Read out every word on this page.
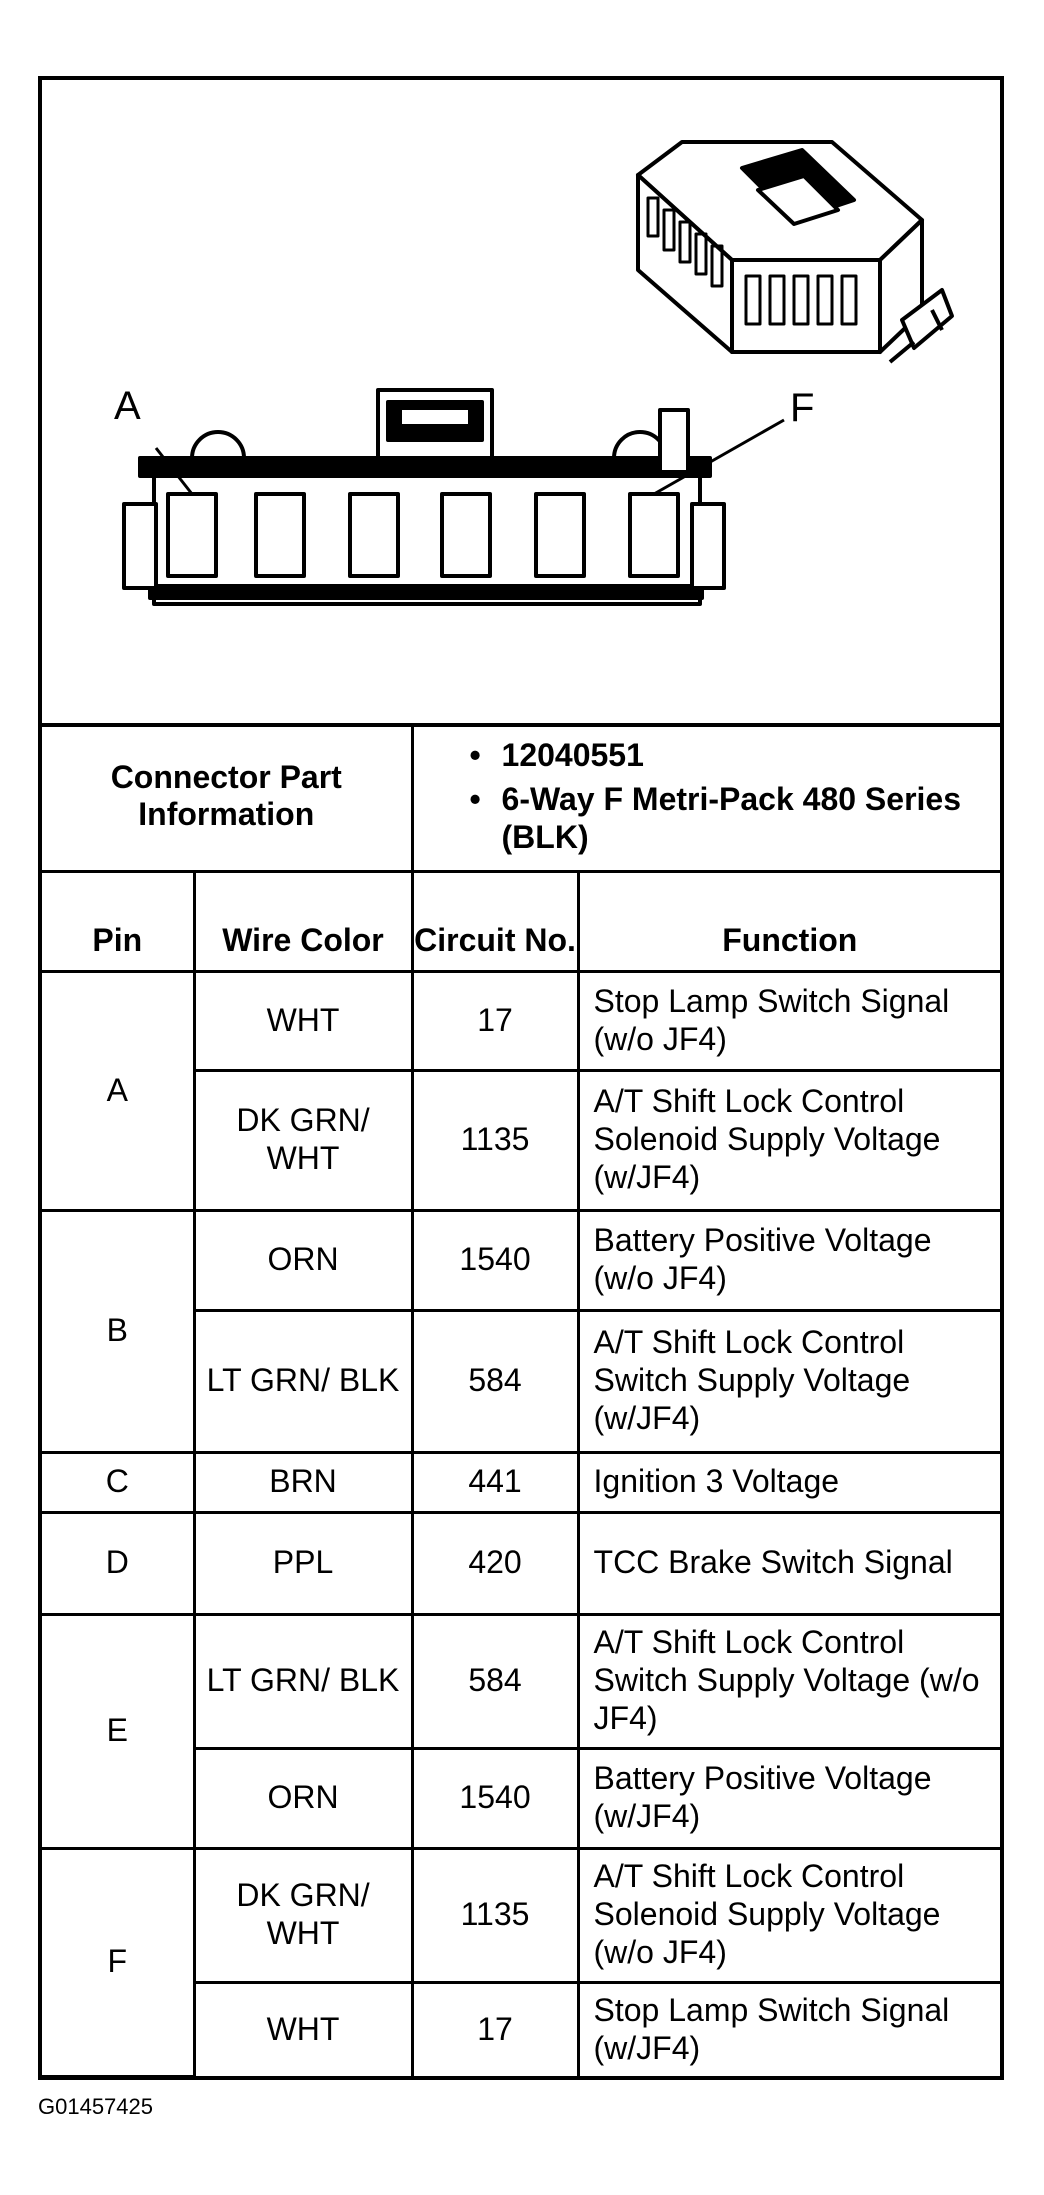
A	F
Connector Part Information		• 12040551
• 6-Way F Metri-Pack 480 Series (BLK)

Pin	Wire Color	Circuit No.	Function
A	WHT	17	Stop Lamp Switch Signal (w/o JF4)
	DK GRN/ WHT	1135	A/T Shift Lock Control Solenoid Supply Voltage (w/JF4)
B	ORN	1540	Battery Positive Voltage (w/o JF4)
	LT GRN/ BLK	584	A/T Shift Lock Control Switch Supply Voltage (w/JF4)
C	BRN	441	Ignition 3 Voltage
D	PPL	420	TCC Brake Switch Signal
E	LT GRN/ BLK	584	A/T Shift Lock Control Switch Supply Voltage (w/o JF4)
	ORN	1540	Battery Positive Voltage (w/JF4)
F	DK GRN/ WHT	1135	A/T Shift Lock Control Solenoid Supply Voltage (w/o JF4)
	WHT	17	Stop Lamp Switch Signal (w/JF4)
G01457425
